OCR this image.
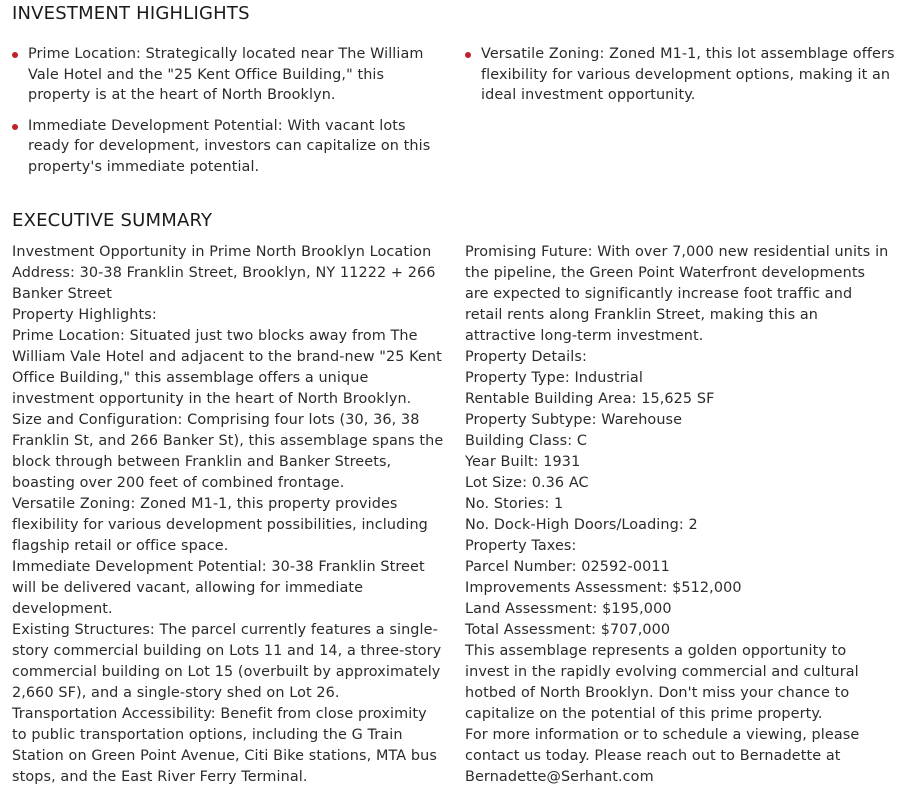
INVESTMENT HIGHLIGHTS
Prime Location: Strategically located near The William Vale Hotel and the "25 Kent Office Building," this property is at the heart of North Brooklyn.
Immediate Development Potential: With vacant lots ready for development, investors can capitalize on this property's immediate potential.
Versatile Zoning: Zoned M1-1, this lot assemblage offers flexibility for various development options, making it an ideal investment opportunity.
EXECUTIVE SUMMARY

Investment Opportunity in Prime North Brooklyn Location

Address: 30-38 Franklin Street, Brooklyn, NY 11222 + 266 Banker Street

Property Highlights:

Prime Location: Situated just two blocks away from The William Vale Hotel and adjacent to the brand-new "25 Kent Office Building," this assemblage offers a unique investment opportunity in the heart of North Brooklyn.

Size and Configuration: Comprising four lots (30, 36, 38 Franklin St, and 266 Banker St), this assemblage spans the block through between Franklin and Banker Streets, boasting over 200 feet of combined frontage.

Versatile Zoning: Zoned M1-1, this property provides flexibility for various development possibilities, including flagship retail or office space.

Immediate Development Potential: 30-38 Franklin Street will be delivered vacant, allowing for immediate development.

Existing Structures: The parcel currently features a single-story commercial building on Lots 11 and 14, a three-story commercial building on Lot 15 (overbuilt by approximately 2,660 SF), and a single-story shed on Lot 26.

Transportation Accessibility: Benefit from close proximity to public transportation options, including the G Train Station on Green Point Avenue, Citi Bike stations, MTA bus stops, and the East River Ferry Terminal.

Promising Future: With over 7,000 new residential units in the pipeline, the Green Point Waterfront developments are expected to significantly increase foot traffic and retail rents along Franklin Street, making this an attractive long-term investment.

Property Details:

Property Type: Industrial

Rentable Building Area: 15,625 SF

Property Subtype: Warehouse

Building Class: C

Year Built: 1931

Lot Size: 0.36 AC

No. Stories: 1

No. Dock-High Doors/Loading: 2

Property Taxes:

Parcel Number: 02592-0011

Improvements Assessment: $512,000

Land Assessment: $195,000

Total Assessment: $707,000

This assemblage represents a golden opportunity to invest in the rapidly evolving commercial and cultural hotbed of North Brooklyn. Don't miss your chance to capitalize on the potential of this prime property.

For more information or to schedule a viewing, please contact us today. Please reach out to Bernadette at Bernadette@Serhant.com
